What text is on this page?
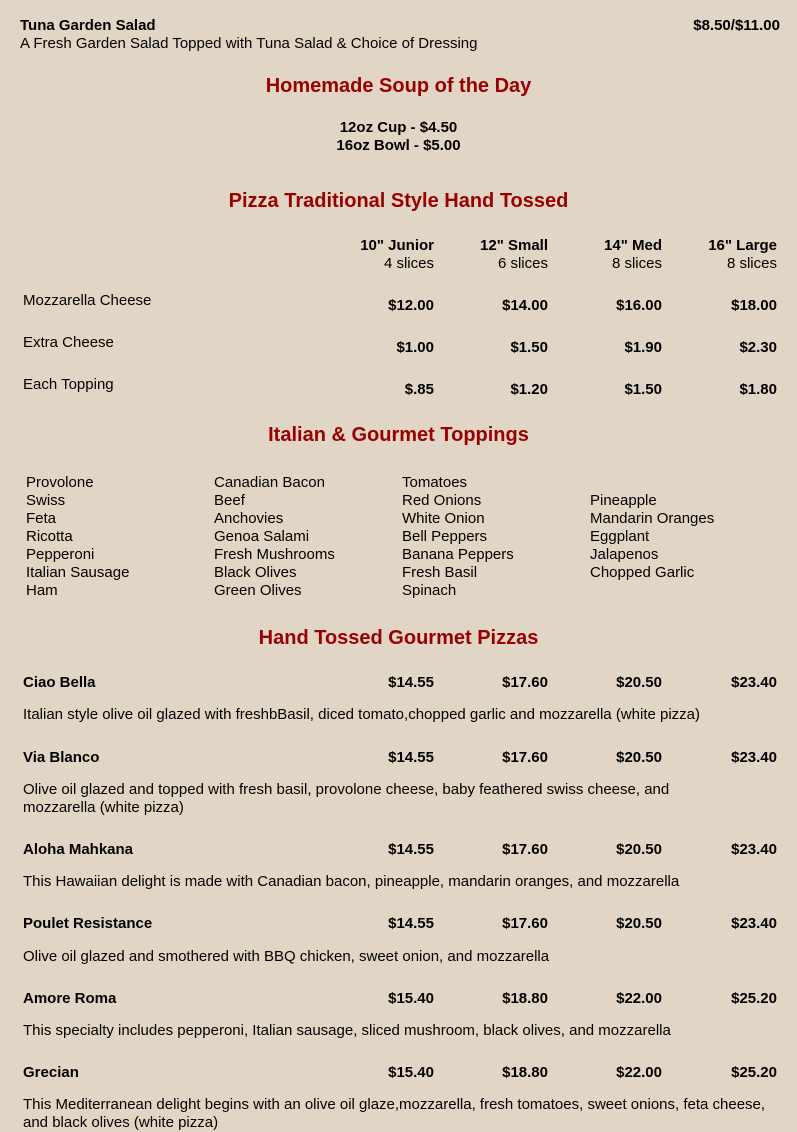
Tuna Garden Salad	$8.50/$11.00
A Fresh Garden Salad Topped with Tuna Salad & Choice of Dressing
Homemade Soup of the Day
12oz Cup - $4.50
16oz Bowl - $5.00
Pizza Traditional Style Hand Tossed
10" Junior	12" Small	14" Med	16" Large
4 slices	6 slices	8 slices	8 slices
Mozzarella Cheese	$12.00	$14.00	$16.00	$18.00
Extra Cheese	$1.00	$1.50	$1.90	$2.30
Each Topping	$.85	$1.20	$1.50	$1.80
Italian & Gourmet Toppings
Provolone
Swiss
Feta
Ricotta
Pepperoni
Italian Sausage
Ham
Canadian Bacon
Beef
Anchovies
Genoa Salami
Fresh Mushrooms
Black Olives
Green Olives
Tomatoes
Red Onions
White Onion
Bell Peppers
Banana Peppers
Fresh Basil
Spinach
Pineapple
Mandarin Oranges
Eggplant
Jalapenos
Chopped Garlic
Hand Tossed Gourmet Pizzas
Ciao Bella	$14.55	$17.60	$20.50	$23.40
Italian style olive oil glazed with freshbBasil, diced tomato,chopped garlic and mozzarella (white pizza)
Via Blanco	$14.55	$17.60	$20.50	$23.40
Olive oil glazed and topped with fresh basil, provolone cheese, baby feathered swiss cheese, and mozzarella (white pizza)
Aloha Mahkana	$14.55	$17.60	$20.50	$23.40
This Hawaiian delight is made with Canadian bacon, pineapple, mandarin oranges, and mozzarella
Poulet Resistance	$14.55	$17.60	$20.50	$23.40
Olive oil glazed and smothered with BBQ chicken, sweet onion, and mozzarella
Amore Roma	$15.40	$18.80	$22.00	$25.20
This specialty includes pepperoni, Italian sausage, sliced mushroom, black olives, and mozzarella
Grecian	$15.40	$18.80	$22.00	$25.20
This Mediterranean delight begins with an olive oil glaze,mozzarella, fresh tomatoes, sweet onions, feta cheese, and black olives (white pizza)
